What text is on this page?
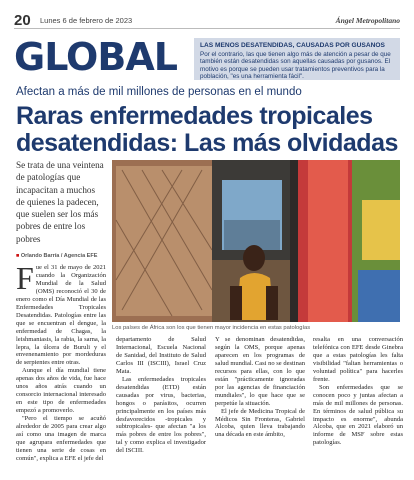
20 Lunes 6 de febrero de 2023	Ángel Metropolitano
GLOBAL	LAS MENOS DESATENDIDAS, CAUSADAS POR GUSANOS
Por el contrario, las que tienen algo más de atención a pesar de que también están desatendidas son aquellas causadas por gusanos. El motivo es porque se pueden usar tratamientos preventivos para la población, "es una herramienta fácil".
Afectan a más de mil millones de personas en el mundo
Raras enfermedades tropicales desatendidas: Las más olvidadas
Se trata de una veintena de patologías que incapacitan a muchos de quienes la padecen, que suelen ser los más pobres de entre los pobres
■ Orlando Barría / Agencia EFE
Los países de África son los que tienen mayor incidencia en estas patologías
Fue el 31 de mayo de 2021 cuando la Organización Mundial de la Salud (OMS) reconoció el 30 de enero como el Día Mundial de las Enfermedades Tropicales Desatendidas. Patologías entre las que se encuentran el dengue, la enfermedad de Chagas, la leishmaniasis, la rabia, la sarna, la lepra, la úlcera de Buruli y el envenenamiento por mordeduras de serpientes entre otras.
Aunque el día mundial tiene apenas dos años de vida, fue hace unos años atrás cuando un consorcio internacional interesado en este tipo de enfermedades empezó a promoverlo.
"Pero el tiempo se acuñó alrededor de 2005 para crear algo así como una imagen de marca que agrupara enfermedades que tienen una serie de cosas en común", explica a EFE el jefe del
departamento de Salud Internacional, Escuela Nacional de Sanidad, del Instituto de Salud Carlos III (ISCIII), Israel Cruz Mata.
Las enfermedades tropicales desatendidas (ETD) están causadas por virus, bacterias, hongos o parásitos, ocurren principalmente en los países más desfavorecidos -tropicales y subtropicales- que afectan "a los más pobres de entre los pobres", tal y como explica el investigador del ISCIII.
Y se denominan desatendidas, según la OMS, porque apenas aparecen en los programas de salud mundial. Casi no se destinan recursos para ellas, con lo que están "prácticamente ignoradas por las agencias de financiación mundiales", lo que hace que se perpetúe la situación.
El jefe de Medicina Tropical de Médicos Sin Fronteras, Gabriel Alcoba, quien lleva trabajando una década en este ámbito,
resalta en una conversación telefónica con EFE desde Ginebra que a estas patologías les falta visibilidad "faltan herramientas o voluntad política" para hacerles frente.
Son enfermedades que se conocen poco y juntas afectan a más de mil millones de personas. En términos de salud pública su impacto es enorme", abunda Alcoba, que en 2021 elaboró un informe de MSF sobre estas patologías.
